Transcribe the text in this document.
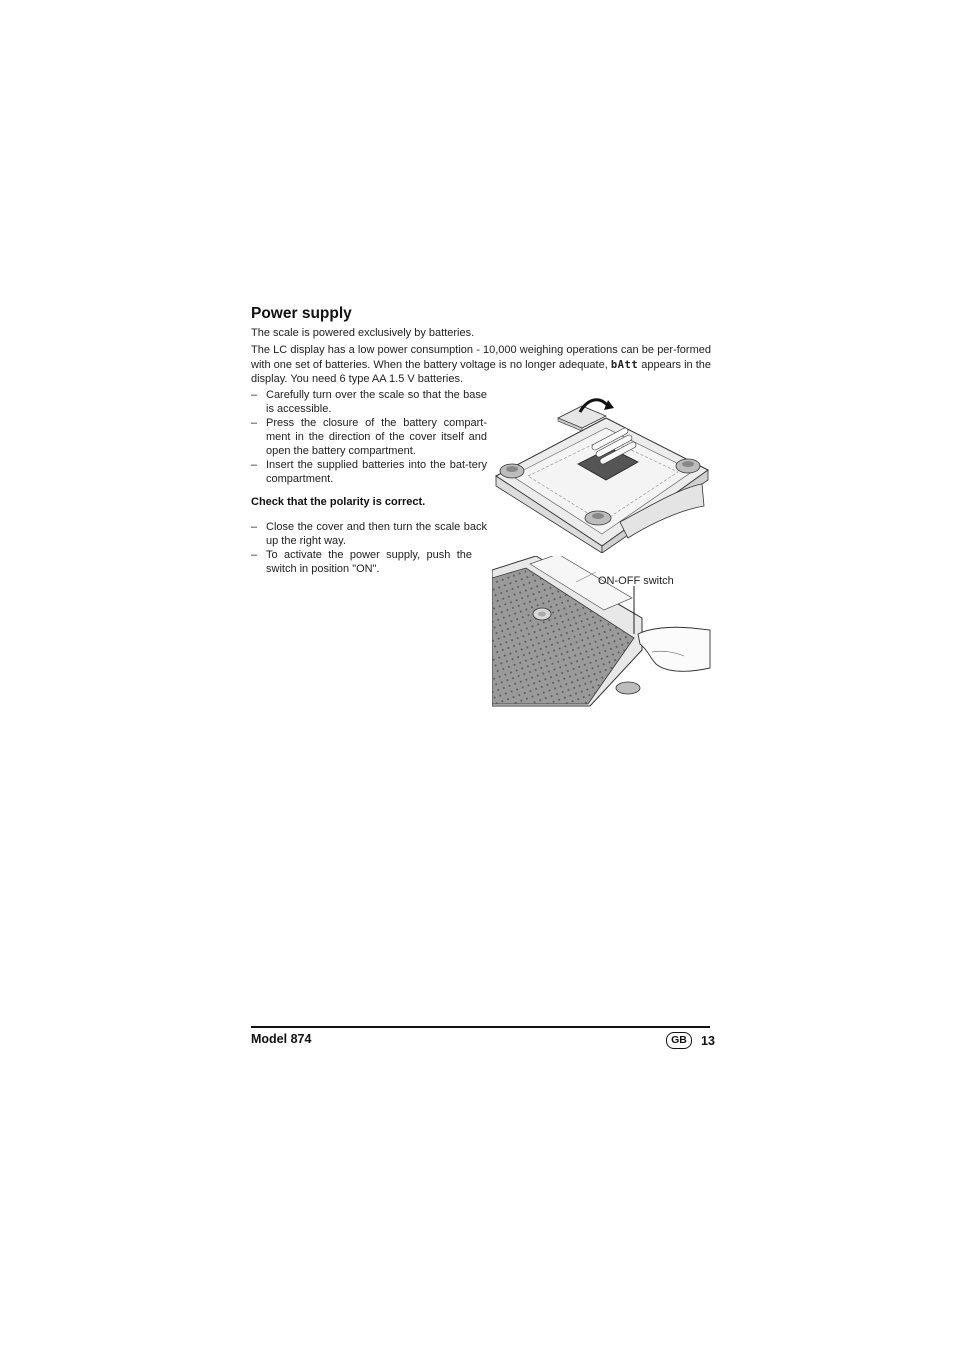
Power supply

The scale is powered exclusively by batteries.

The LC display has a low power consumption - 10,000 weighing operations can be per-formed with one set of batteries. When the battery voltage is no longer adequate, bAtt appears in the display. You need 6 type AA 1.5 V batteries.

– Carefully turn over the scale so that the base is accessible.
– Press the closure of the battery compart-ment in the direction of the cover itself and open the battery compartment.
– Insert the supplied batteries into the bat-tery compartment.

Check that the polarity is correct.

– Close the cover and then turn the scale back up the right way.
– To activate the power supply, push the switch in position "ON".
ON-OFF switch
Model 874	GB	13
